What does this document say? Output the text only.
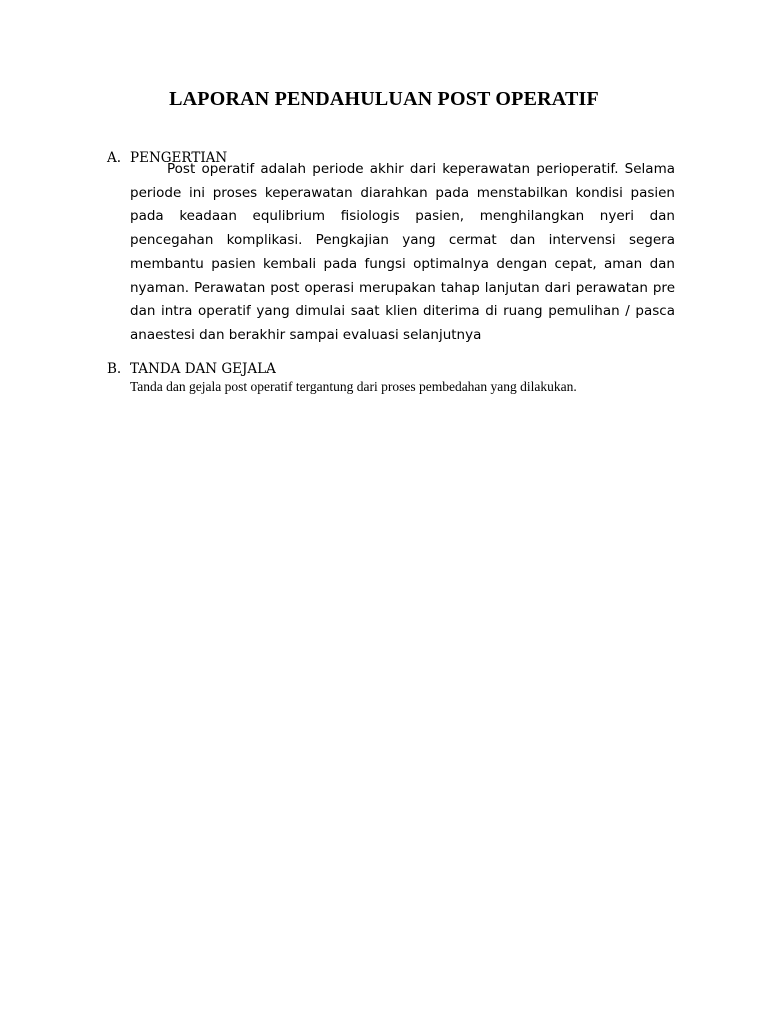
LAPORAN PENDAHULUAN POST OPERATIF
A. PENGERTIAN

Post operatif adalah periode akhir dari keperawatan perioperatif. Selama periode ini proses keperawatan diarahkan pada menstabilkan kondisi pasien pada keadaan equlibrium fisiologis pasien, menghilangkan nyeri dan pencegahan komplikasi. Pengkajian yang cermat dan intervensi segera membantu pasien kembali pada fungsi optimalnya dengan cepat, aman dan nyaman. Perawatan post operasi merupakan tahap lanjutan dari perawatan pre dan intra operatif yang dimulai saat klien diterima di ruang pemulihan / pasca anaestesi dan berakhir sampai evaluasi selanjutnya

B. TANDA DAN GEJALA

Tanda dan gejala post operatif tergantung dari proses pembedahan yang dilakukan.
